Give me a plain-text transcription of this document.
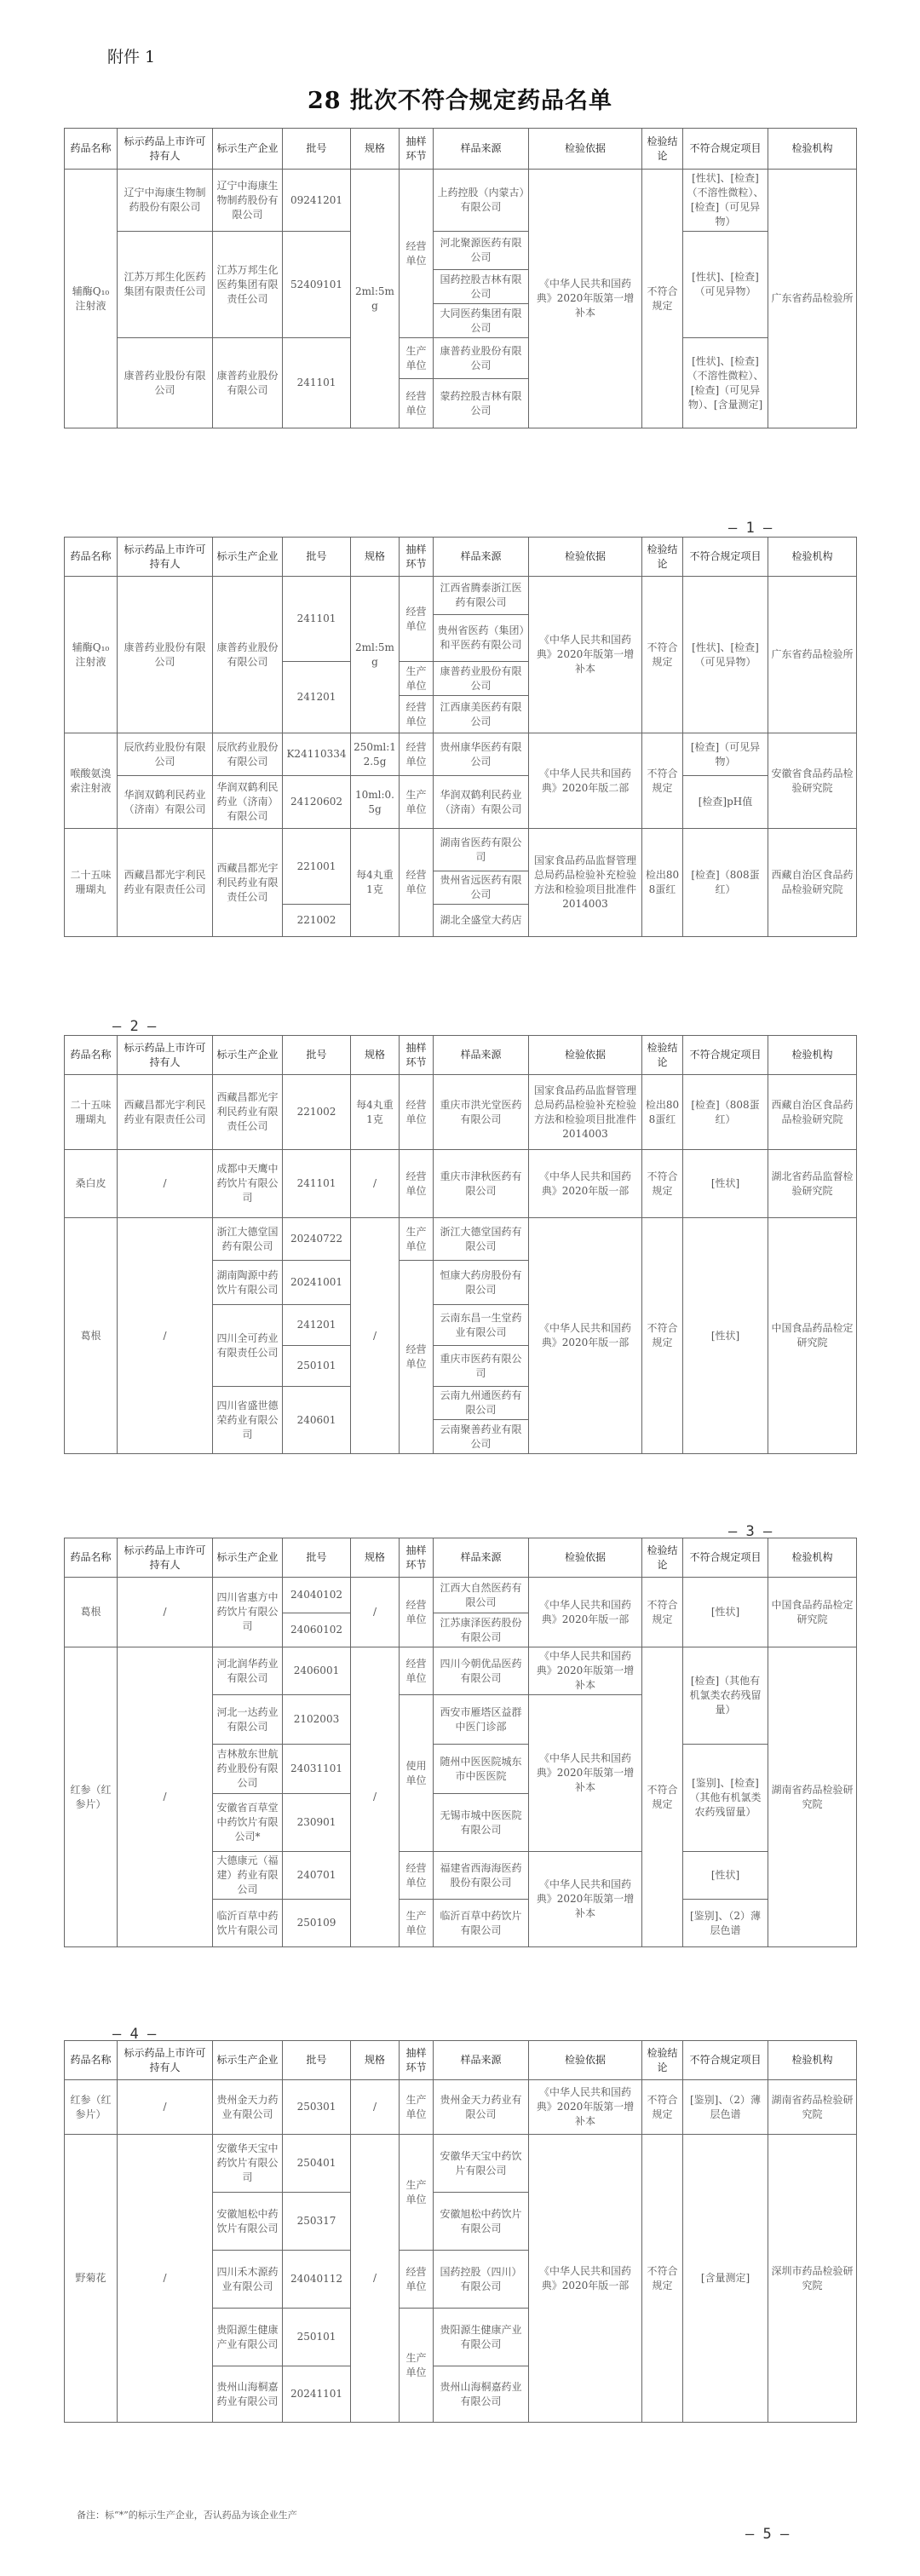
附件 1
28 批次不符合规定药品名单
药品名称	标示药品上市许可持有人	标示生产企业	批号	规格	抽样环节	样品来源	检验依据	检验结论	不符合规定项目	检验机构
辅酶Q₁₀注射液	辽宁中海康生物制药股份有限公司	辽宁中海康生物制药股份有限公司	09241201	2ml:5mg	经营单位	上药控股（内蒙古）有限公司	《中华人民共和国药典》2020年版第一增补本	不符合规定	[性状]、[检查]（不溶性微粒）、[检查]（可见异物）	广东省药品检验所
	江苏万邦生化医药集团有限责任公司	江苏万邦生化医药集团有限责任公司	52409101			河北聚源医药有限公司			[性状]、[检查]（可见异物）	
						国药控股吉林有限公司				
						大同医药集团有限公司				
	康普药业股份有限公司	康普药业股份有限公司	241101		生产单位	康普药业股份有限公司			[性状]、[检查]（不溶性微粒）、[检查]（可见异物）、[含量测定]	
					经营单位	蒙药控股吉林有限公司				
— 1 —
药品名称	标示药品上市许可持有人	标示生产企业	批号	规格	抽样环节	样品来源	检验依据	检验结论	不符合规定项目	检验机构
辅酶Q₁₀注射液	康普药业股份有限公司	康普药业股份有限公司	241101	2ml:5mg	经营单位	江西省腾泰浙江医药有限公司	《中华人民共和国药典》2020年版第一增补本	不符合规定	[性状]、[检查]（可见异物）	广东省药品检验所
						贵州省医药（集团）和平医药有限公司				
			241201		生产单位	康普药业股份有限公司				
					经营单位	江西康美医药有限公司				
喉酸氨溴索注射液	辰欣药业股份有限公司	辰欣药业股份有限公司	K24110334	250ml:12.5g	经营单位	贵州康华医药有限公司	《中华人民共和国药典》2020年版二部	不符合规定	[检查]（可见异物）	安徽省食品药品检验研究院
	华润双鹤利民药业（济南）有限公司	华润双鹤利民药业（济南）有限公司	24120602	10ml:0.5g	生产单位	华润双鹤利民药业（济南）有限公司			[检查]pH值	
二十五味珊瑚丸	西藏昌都光宇利民药业有限责任公司	西藏昌都光宇利民药业有限责任公司	221001	每4丸重1克	经营单位	湖南省医药有限公司	国家食品药品监督管理总局药品检验补充检验方法和检验项目批准件2014003	检出808蛋红	[检查]（808蛋红）	西藏自治区食品药品检验研究院
						贵州省远医药有限公司				
			221002			湖北全盛堂大药店				
— 2 —
药品名称	标示药品上市许可持有人	标示生产企业	批号	规格	抽样环节	样品来源	检验依据	检验结论	不符合规定项目	检验机构
二十五味珊瑚丸	西藏昌都光宇利民药业有限责任公司	西藏昌都光宇利民药业有限责任公司	221002	每4丸重1克	经营单位	重庆市洪光堂医药有限公司	国家食品药品监督管理总局药品检验补充检验方法和检验项目批准件2014003	检出808蛋红	[检查]（808蛋红）	西藏自治区食品药品检验研究院
桑白皮	/	成都中天鹰中药饮片有限公司	241101	/	经营单位	重庆市津秋医药有限公司	《中华人民共和国药典》2020年版一部	不符合规定	[性状]	湖北省药品监督检验研究院
葛根	/	浙江大德堂国药有限公司	20240722	/	生产单位	浙江大德堂国药有限公司	《中华人民共和国药典》2020年版一部	不符合规定	[性状]	中国食品药品检定研究院
		湖南陶源中药饮片有限公司	20241001		经营单位	恒康大药房股份有限公司				
		四川全可药业有限责任公司	241201			云南东昌一生堂药业有限公司				
			250101			重庆市医药有限公司				
		四川省盛世德荣药业有限公司	240601			云南九州通医药有限公司				
						云南聚善药业有限公司				
— 3 —
药品名称	标示药品上市许可持有人	标示生产企业	批号	规格	抽样环节	样品来源	检验依据	检验结论	不符合规定项目	检验机构
葛根	/	四川省惠方中药饮片有限公司	24040102	/	经营单位	江西大自然医药有限公司	《中华人民共和国药典》2020年版一部	不符合规定	[性状]	中国食品药品检定研究院
			24060102			江苏康泽医药股份有限公司				
红参（红参片）	/	河北润华药业有限公司	2406001	/	经营单位	四川今朝优品医药有限公司	《中华人民共和国药典》2020年版第一增补本	不符合规定	[检查]（其他有机氯类农药残留量）	湖南省药品检验研究院
		河北一达药业有限公司	2102003		使用单位	西安市雁塔区益群中医门诊部	《中华人民共和国药典》2020年版第一增补本			
		吉林敖东世航药业股份有限公司	24031101			随州中医医院城东市中医医院			[鉴别]、[检查]（其他有机氯类农药残留量）	
		安徽省百草堂中药饮片有限公司*	230901			无锡市城中医医院有限公司				
		大德康元（福建）药业有限公司	240701		经营单位	福建省西海海医药股份有限公司	《中华人民共和国药典》2020年版第一增补本		[性状]	
		临沂百草中药饮片有限公司	250109		生产单位	临沂百草中药饮片有限公司			[鉴别]、（2）薄层色谱	
— 4 —
药品名称	标示药品上市许可持有人	标示生产企业	批号	规格	抽样环节	样品来源	检验依据	检验结论	不符合规定项目	检验机构
红参（红参片）	/	贵州金天力药业有限公司	250301	/	生产单位	贵州金天力药业有限公司	《中华人民共和国药典》2020年版第一增补本	不符合规定	[鉴别]、（2）薄层色谱	湖南省药品检验研究院
野菊花	/	安徽华天宝中药饮片有限公司	250401	/	生产单位	安徽华天宝中药饮片有限公司	《中华人民共和国药典》2020年版一部	不符合规定	[含量测定]	深圳市药品检验研究院
		安徽旭松中药饮片有限公司	250317			安徽旭松中药饮片有限公司				
		四川禾木源药业有限公司	24040112		经营单位	国药控股（四川）有限公司				
		贵阳源生健康产业有限公司	250101		生产单位	贵阳源生健康产业有限公司				
		贵州山海桐嘉药业有限公司	20241101			贵州山海桐嘉药业有限公司				
备注：标“*”的标示生产企业，否认药品为该企业生产
— 5 —
